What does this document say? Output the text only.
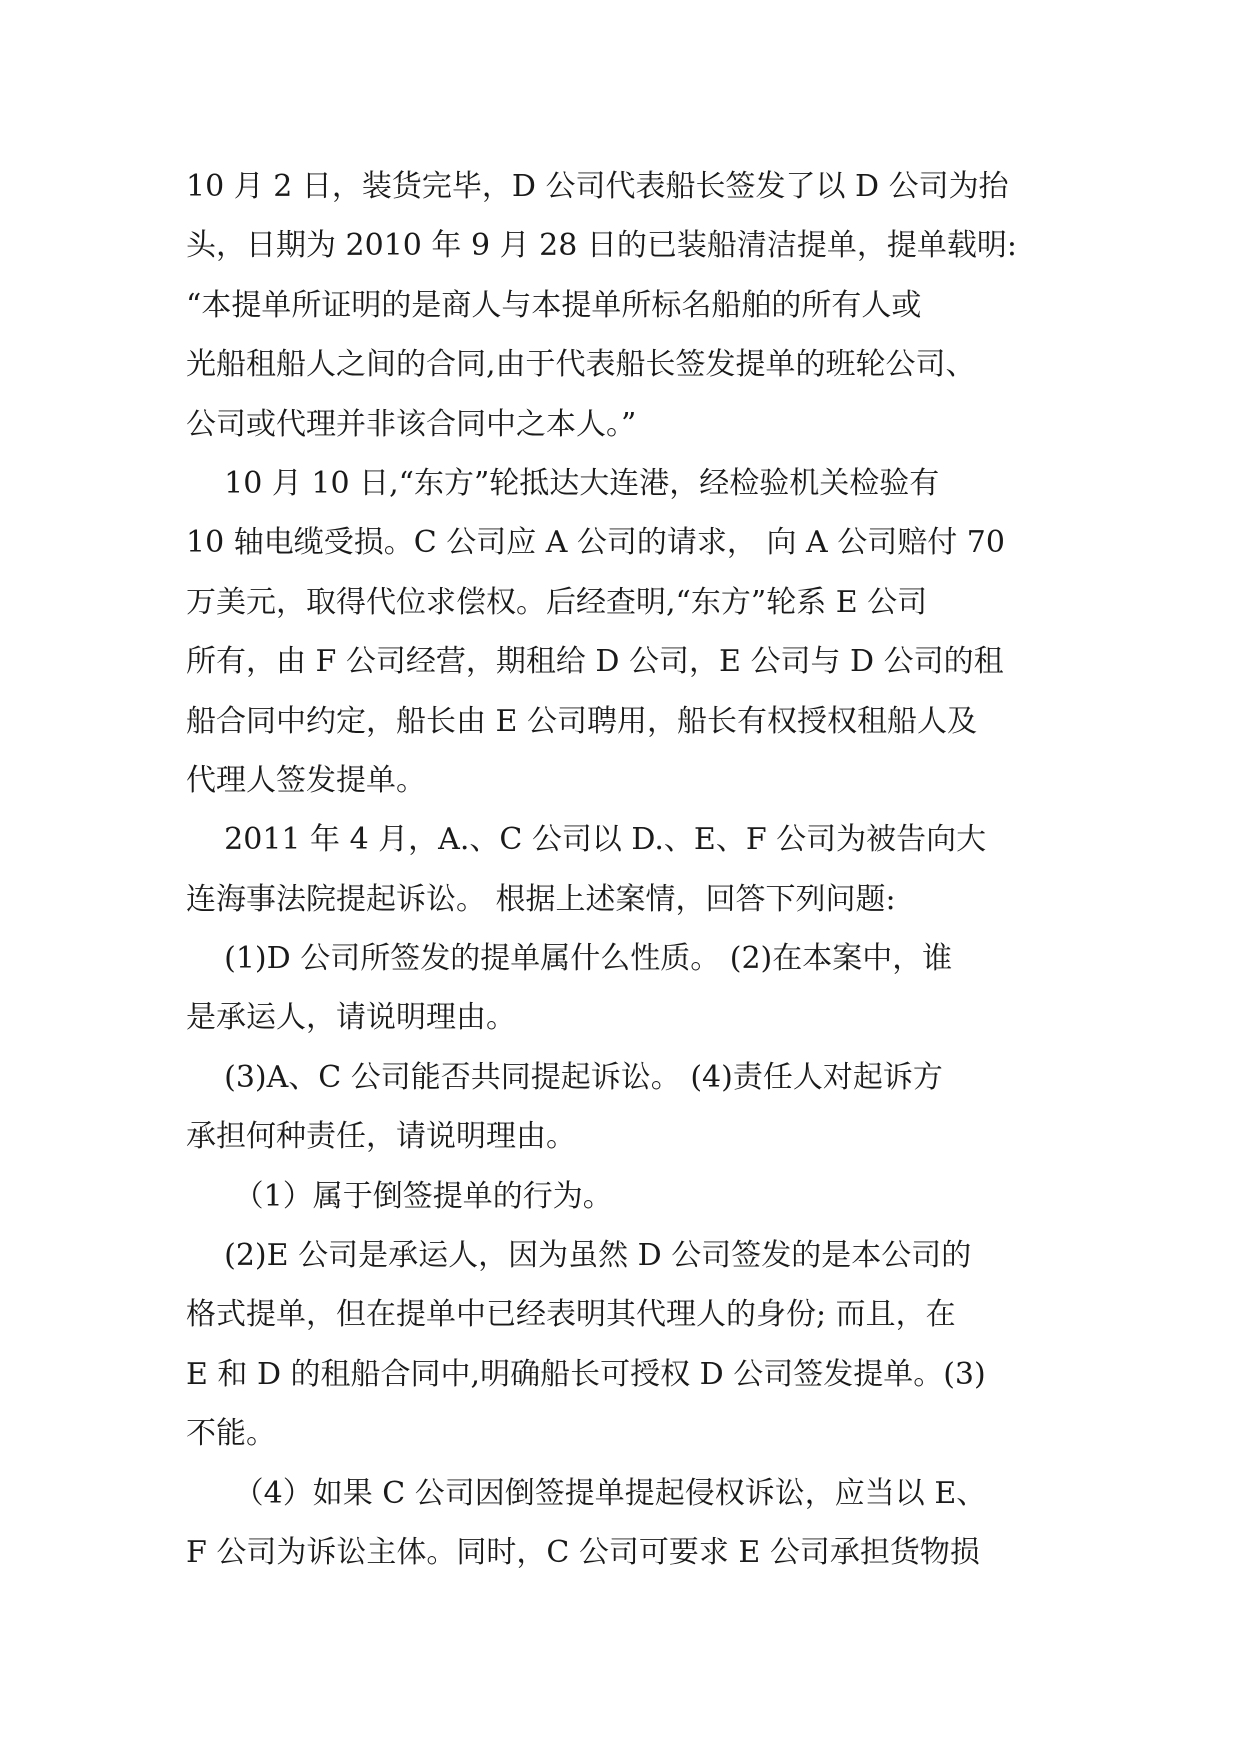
10 月 2 日，装货完毕，D 公司代表船长签发了以 D 公司为抬
头，日期为 2010 年 9 月 28 日的已装船清洁提单，提单载明:
“本提单所证明的是商人与本提单所标名船舶的所有人或
光船租船人之间的合同,由于代表船长签发提单的班轮公司、
公司或代理并非该合同中之本人。”
10 月 10 日,“东方”轮抵达大连港，经检验机关检验有
10 轴电缆受损。C 公司应 A 公司的请求， 向 A 公司赔付 70
万美元，取得代位求偿权。后经查明,“东方”轮系 E 公司
所有，由 F 公司经营，期租给 D 公司，E 公司与 D 公司的租
船合同中约定，船长由 E 公司聘用，船长有权授权租船人及
代理人签发提单。
2011 年 4 月，A.、C 公司以 D.、E、F 公司为被告向大
连海事法院提起诉讼。 根据上述案情，回答下列问题:
(1)D 公司所签发的提单属什么性质。 (2)在本案中，谁
是承运人，请说明理由。
(3)A、C 公司能否共同提起诉讼。 (4)责任人对起诉方
承担何种责任，请说明理由。
（1）属于倒签提单的行为。
(2)E 公司是承运人，因为虽然 D 公司签发的是本公司的
格式提单，但在提单中已经表明其代理人的身份; 而且，在
E 和 D 的租船合同中,明确船长可授权 D 公司签发提单。(3)
不能。
（4）如果 C 公司因倒签提单提起侵权诉讼，应当以 E、
F 公司为诉讼主体。同时，C 公司可要求 E 公司承担货物损
